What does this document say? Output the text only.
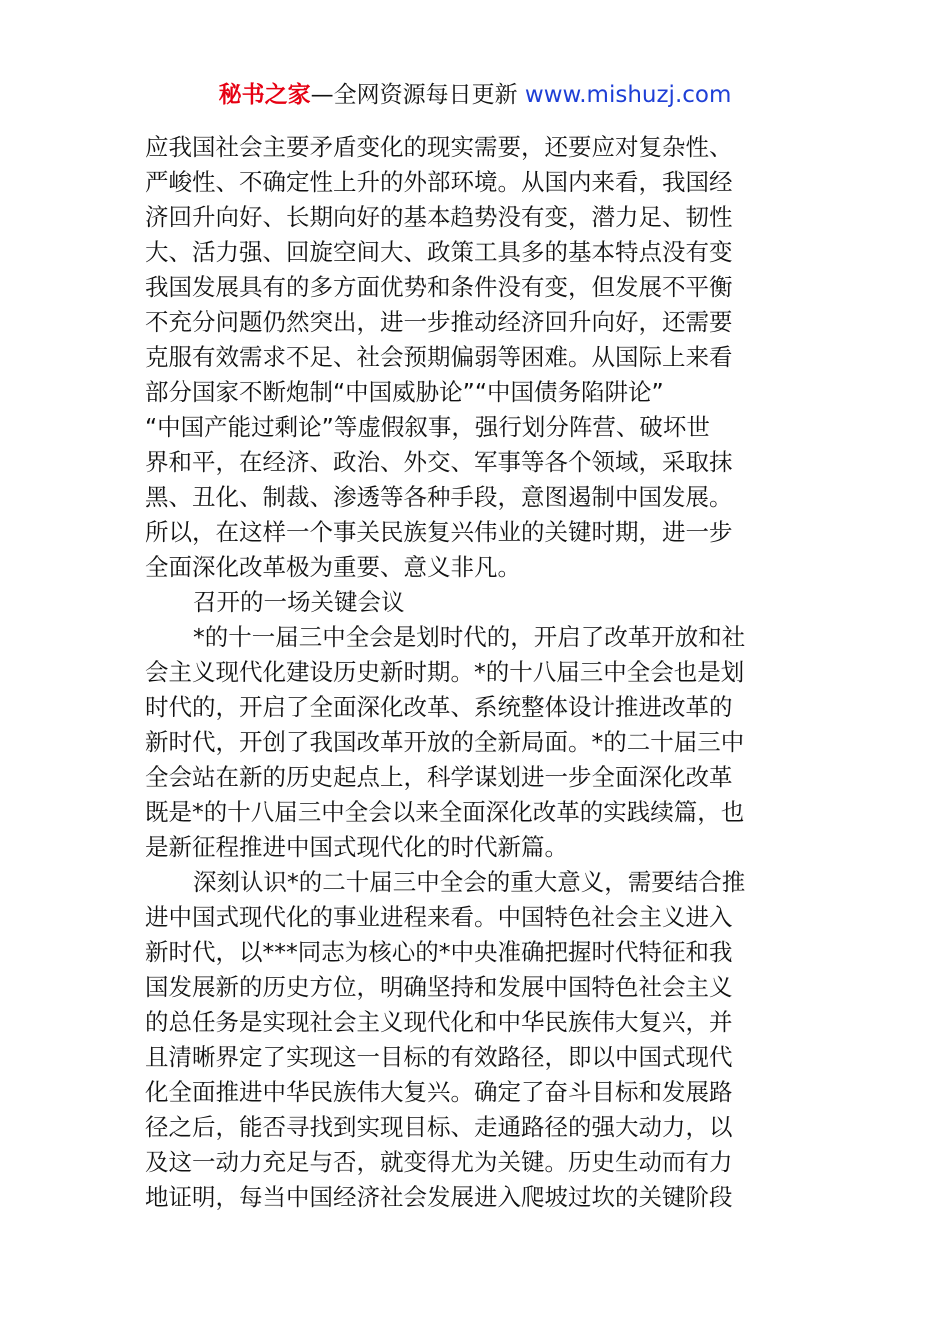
秘书之家—全网资源每日更新 www.mishuzj.com
应我国社会主要矛盾变化的现实需要，还要应对复杂性、
严峻性、不确定性上升的外部环境。从国内来看，我国经
济回升向好、长期向好的基本趋势没有变，潜力足、韧性
大、活力强、回旋空间大、政策工具多的基本特点没有变
我国发展具有的多方面优势和条件没有变，但发展不平衡
不充分问题仍然突出，进一步推动经济回升向好，还需要
克服有效需求不足、社会预期偏弱等困难。从国际上来看
部分国家不断炮制“中国威胁论”“中国债务陷阱论”
“中国产能过剩论”等虚假叙事，强行划分阵营、破坏世
界和平，在经济、政治、外交、军事等各个领域，采取抹
黑、丑化、制裁、渗透等各种手段，意图遏制中国发展。
所以，在这样一个事关民族复兴伟业的关键时期，进一步
全面深化改革极为重要、意义非凡。
召开的一场关键会议
*的十一届三中全会是划时代的，开启了改革开放和社
会主义现代化建设历史新时期。*的十八届三中全会也是划
时代的，开启了全面深化改革、系统整体设计推进改革的
新时代，开创了我国改革开放的全新局面。*的二十届三中
全会站在新的历史起点上，科学谋划进一步全面深化改革
既是*的十八届三中全会以来全面深化改革的实践续篇，也
是新征程推进中国式现代化的时代新篇。
深刻认识*的二十届三中全会的重大意义，需要结合推
进中国式现代化的事业进程来看。中国特色社会主义进入
新时代，以***同志为核心的*中央准确把握时代特征和我
国发展新的历史方位，明确坚持和发展中国特色社会主义
的总任务是实现社会主义现代化和中华民族伟大复兴，并
且清晰界定了实现这一目标的有效路径，即以中国式现代
化全面推进中华民族伟大复兴。确定了奋斗目标和发展路
径之后，能否寻找到实现目标、走通路径的强大动力，以
及这一动力充足与否，就变得尤为关键。历史生动而有力
地证明，每当中国经济社会发展进入爬坡过坎的关键阶段
